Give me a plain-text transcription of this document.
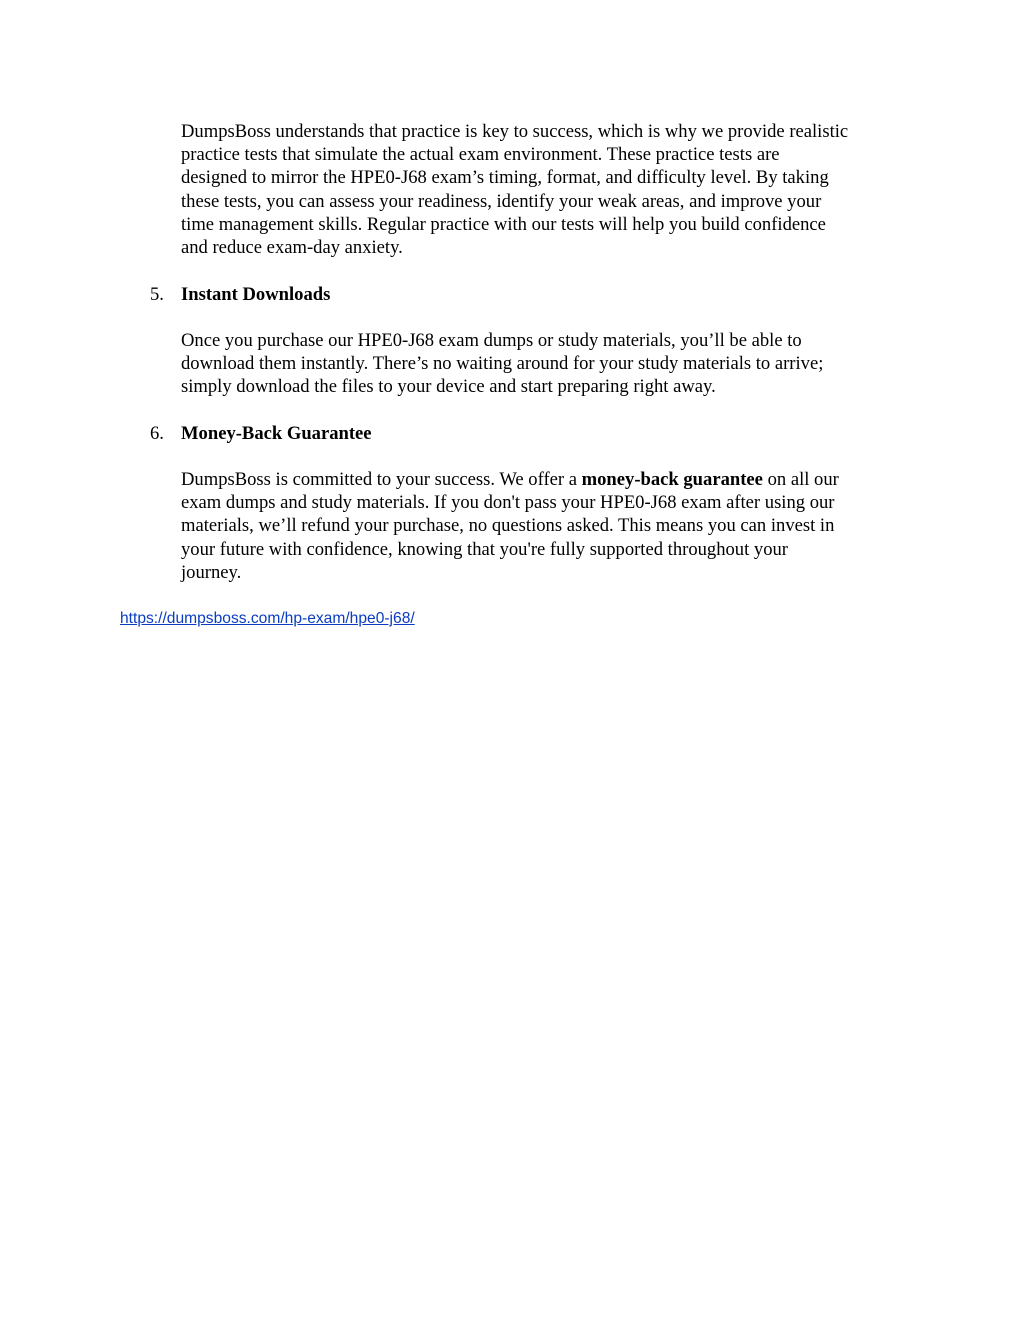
DumpsBoss understands that practice is key to success, which is why we provide realistic
practice tests that simulate the actual exam environment. These practice tests are
designed to mirror the HPE0-J68 exam’s timing, format, and difficulty level. By taking
these tests, you can assess your readiness, identify your weak areas, and improve your
time management skills. Regular practice with our tests will help you build confidence
and reduce exam-day anxiety.

5. Instant Downloads

Once you purchase our HPE0-J68 exam dumps or study materials, you’ll be able to
download them instantly. There’s no waiting around for your study materials to arrive;
simply download the files to your device and start preparing right away.

6. Money-Back Guarantee

DumpsBoss is committed to your success. We offer a money-back guarantee on all our
exam dumps and study materials. If you don't pass your HPE0-J68 exam after using our
materials, we’ll refund your purchase, no questions asked. This means you can invest in
your future with confidence, knowing that you're fully supported throughout your
journey.

https://dumpsboss.com/hp-exam/hpe0-j68/
